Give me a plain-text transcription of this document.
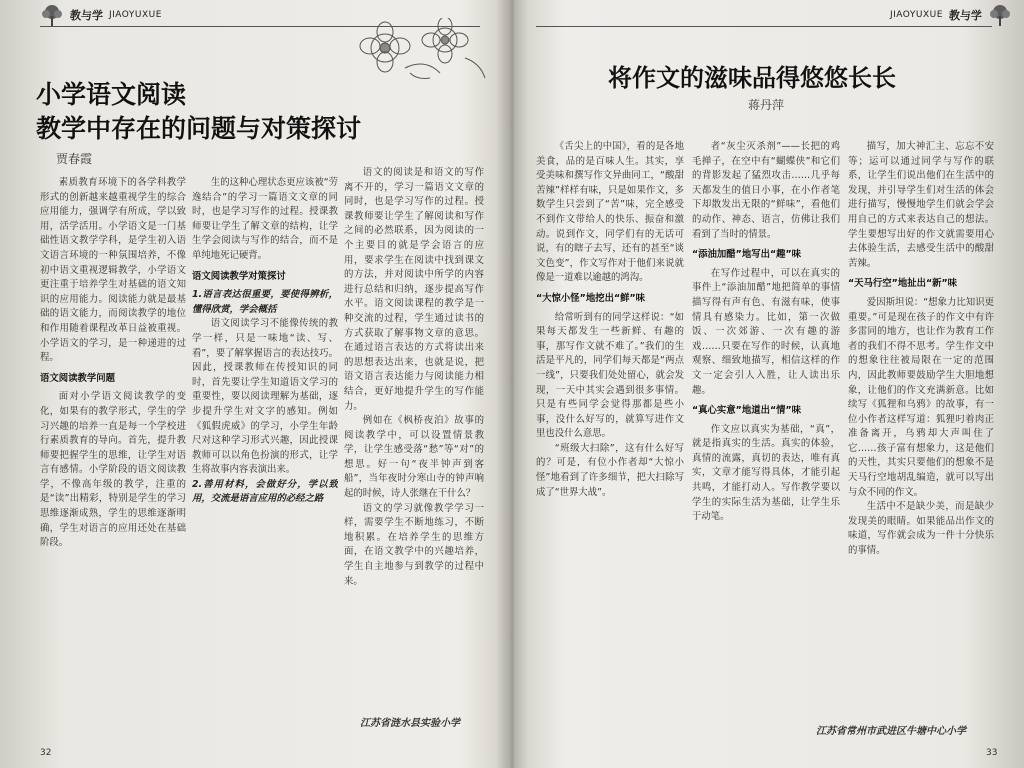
教与学 JIAOYUXUE
小学语文阅读
教学中存在的问题与对策探讨
贾春霞

素质教育环境下的各学科教学形式的创新越来越重视学生的综合应用能力，强调学有所成，学以致用，活学活用。小学语文是一门基础性语文教学学科，是学生初入语文语言环境的一种氛围培养，不像初中语文重视逻辑教学，小学语文更注重于培养学生对基础的语文知识的应用能力。阅读能力就是最基础的语文能力，而阅读教学的地位和作用随着课程改革日益被重视。小学语文的学习，是一种递进的过程。

语文阅读教学问题

面对小学语文阅读教学的变化，如果有的教学形式，学生的学习兴趣的培养一直是每一个学校进行素质教育的导向。首先，提升教师要把握学生的思维，让学生对语言有感情。小学阶段的语文阅读教学，不像高年级的教学，注重的是“读”出精彩，特别是学生的学习思维逐渐成熟，学生的思维逐渐明确，学生对语言的应用还处在基础阶段。

生的这种心理状态更应该被“劳逸结合”的学习一篇语文文章的同时，也是学习写作的过程。授课教师要让学生了解文章的结构，让学生学会阅读与写作的结合，而不是单纯地死记硬背。

语文阅读教学对策探讨

1.语言表达很重要，要使得辨析，懂得欣赏，学会概括

语文阅读学习不能像传统的教学一样，只是一味地“读、写、看”，要了解掌握语言的表达技巧。因此，授课教师在传授知识的同时，首先要让学生知道语文学习的重要性，要以阅读理解为基础，逐步提升学生对文字的感知。例如《狐假虎威》的学习，小学生年龄尺对这种学习形式兴趣，因此授课教师可以以角色扮演的形式，让学生将故事内容表演出来。

2.善用材料，会做好分，学以致用，交流是语言应用的必经之路

语文的阅读是和语文的写作离不开的，学习一篇语文文章的同时，也是学习写作的过程。授课教师要让学生了解阅读和写作之间的必然联系，因为阅读的一个主要目的就是学会语言的应用，要求学生在阅读中找到课文的方法，并对阅读中所学的内容进行总结和归纳，逐步提高写作水平。语文阅读课程的教学是一种交流的过程，学生通过读书的方式获取了解事物文章的意思。在通过语言表达的方式将读出来的思想表达出来，也就是说，把语文语言表达能力与阅读能力相结合，更好地提升学生的写作能力。

例如在《枫桥夜泊》故事的阅读教学中，可以设置情景教学，让学生感受落“愁”等“对”的想思。好一句“夜半钟声到客船”，当年夜时分寒山寺的钟声响起的时候，诗人张继在干什么？

语文的学习就像教学学习一样，需要学生不断地练习，不断地积累。在培养学生的思维方面，在语文教学中的兴趣培养，学生自主地参与到教学的过程中来。

江苏省涟水县实验小学
32
JIAOYUXUE 教与学
将作文的滋味品得悠悠长长
蒋丹萍

《舌尖上的中国》，看的是各地美食，品的是百味人生。其实，享受美味和撰写作文异曲同工，“酸甜苦辣”样样有味，只是如果作文，多数学生只尝到了“苦”味，完全感受不到作文带给人的快乐、振奋和激动。说到作文，同学们有的无话可说，有的瞎子去写，还有的甚至“谈文色变”，作文写作对于他们来说就像是一道难以逾越的鸿沟。

“大惊小怪”地挖出“鲜”味

给常听到有的同学这样说：“如果每天都发生一些新鲜、有趣的事，那写作文就不难了。”我们的生活是平凡的，同学们每天都是“两点一线”，只要我们处处留心，就会发现，一天中其实会遇到很多事情。只是有些同学会觉得那都是些小事，没什么好写的，就算写进作文里也没什么意思。

“班级大扫除”，这有什么好写的？可是，有位小作者却“大惊小怪”地看到了许多细节，把大扫除写成了“世界大战”。

者“灰尘灭杀剂”——长把的鸡毛掸子，在空中有“蝴蝶侠”和它们的背影发起了猛烈攻击……几乎每天都发生的值日小事，在小作者笔下却散发出无限的“鲜味”，看他们的动作、神态、语言，仿佛让我们看到了当时的情景。

“添油加醋”地写出“趣”味

在写作过程中，可以在真实的事件上“添油加醋”地把简单的事情描写得有声有色、有滋有味，使事情具有感染力。比如，第一次做饭、一次郊游、一次有趣的游戏……只要在写作的时候，认真地观察、细致地描写，相信这样的作文一定会引人入胜，让人读出乐趣。

“真心实意”地道出“情”味

作文应以真实为基础，“真”，就是指真实的生活。真实的体验，真情的流露，真切的表达，唯有真实，文章才能写得具体，才能引起共鸣，才能打动人。写作教学要以学生的实际生活为基础，让学生乐于动笔。

描写，加大神汇主、忘忘不安等；运可以通过同学与写作的联系，让学生们说出他们在生活中的发现，并引导学生们对生活的体会进行描写，慢慢地学生们就会学会用自己的方式来表达自己的想法。学生要想写出好的作文就需要用心去体验生活，去感受生活中的酸甜苦辣。

“天马行空”地扯出“新”味

爱因斯坦说：“想象力比知识更重要。”可是现在孩子的作文中有许多雷同的地方，也让作为教育工作者的我们不得不思考。学生作文中的想象往往被局限在一定的范围内，因此教师要鼓励学生大胆地想象，让他们的作文充满新意。比如续写《狐狸和乌鸦》的故事，有一位小作者这样写道：狐狸叼着肉正准备离开，乌鸦却大声叫住了它……孩子富有想象力，这是他们的天性，其实只要他们的想象不是天马行空地胡乱编造，就可以写出与众不同的作文。

生活中不是缺少美，而是缺少发现美的眼睛。如果能品出作文的味道，写作就会成为一件十分快乐的事情。

江苏省常州市武进区牛塘中心小学
33
